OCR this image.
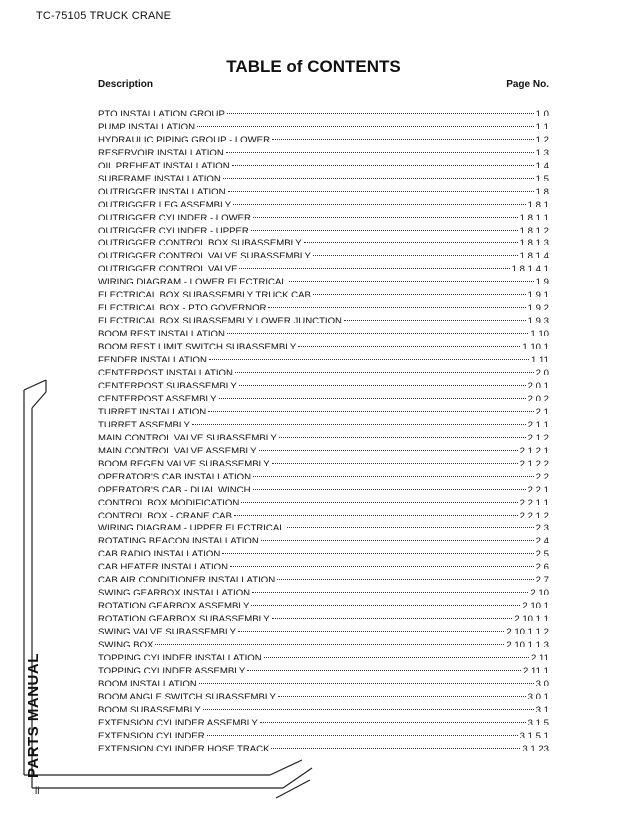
TC-75105 TRUCK CRANE
TABLE of CONTENTS
Description	Page No.
PTO INSTALLATION GROUP	1.0
PUMP INSTALLATION	1.1
HYDRAULIC PIPING GROUP - LOWER	1.2
RESERVOIR INSTALLATION	1.3
OIL PREHEAT INSTALLATION	1.4
SUBFRAME INSTALLATION	1.5
OUTRIGGER INSTALLATION	1.8
OUTRIGGER LEG ASSEMBLY	1.8.1
OUTRIGGER CYLINDER - LOWER	1.8.1.1
OUTRIGGER CYLINDER - UPPER	1.8.1.2
OUTRIGGER CONTROL BOX SUBASSEMBLY	1.8.1.3
OUTRIGGER CONTROL VALVE SUBASSEMBLY	1.8.1.4
OUTRIGGER CONTROL VALVE	1.8.1.4.1
WIRING DIAGRAM - LOWER ELECTRICAL	1.9
ELECTRICAL BOX SUBASSEMBLY TRUCK CAB	1.9.1
ELECTRICAL BOX - PTO GOVERNOR	1.9.2
ELECTRICAL BOX SUBASSEMBLY LOWER JUNCTION	1.9.3
BOOM REST INSTALLATION	1.10
BOOM REST LIMIT SWITCH SUBASSEMBLY	1.10.1
FENDER INSTALLATION	1.11
CENTERPOST INSTALLATION	2.0
CENTERPOST SUBASSEMBLY	2.0.1
CENTERPOST ASSEMBLY	2.0.2
TURRET INSTALLATION	2.1
TURRET ASSEMBLY	2.1.1
MAIN CONTROL VALVE SUBASSEMBLY	2.1.2
MAIN CONTROL VALVE ASSEMBLY	2.1.2.1
BOOM REGEN VALVE SUBASSEMBLY	2.1.2.2
OPERATOR'S CAB INSTALLATION	2.2
OPERATOR'S CAB - DUAL WINCH	2.2.1
CONTROL BOX MODIFICATION	2.2.1.1
CONTROL BOX - CRANE CAB	2.2.1.2
WIRING DIAGRAM - UPPER ELECTRICAL	2.3
ROTATING BEACON INSTALLATION	2.4
CAB RADIO INSTALLATION	2.5
CAB HEATER INSTALLATION	2.6
CAB AIR CONDITIONER INSTALLATION	2.7
SWING GEARBOX INSTALLATION	2.10
ROTATION GEARBOX ASSEMBLY	2.10.1
ROTATION GEARBOX SUBASSEMBLY	2.10.1.1
SWING VALVE SUBASSEMBLY	2.10.1.1.2
SWING BOX	2.10.1.1.3
TOPPING CYLINDER INSTALLATION	2.11
TOPPING CYLINDER ASSEMBLY	2.11.1
BOOM INSTALLATION	3.0
BOOM ANGLE SWITCH SUBASSEMBLY	3.0.1
BOOM SUBASSEMBLY	3.1
EXTENSION CYLINDER ASSEMBLY	3.1.5
EXTENSION CYLINDER	3.1.5.1
EXTENSION CYLINDER HOSE TRACK	3.1.23
PARTS MANUAL
ii
